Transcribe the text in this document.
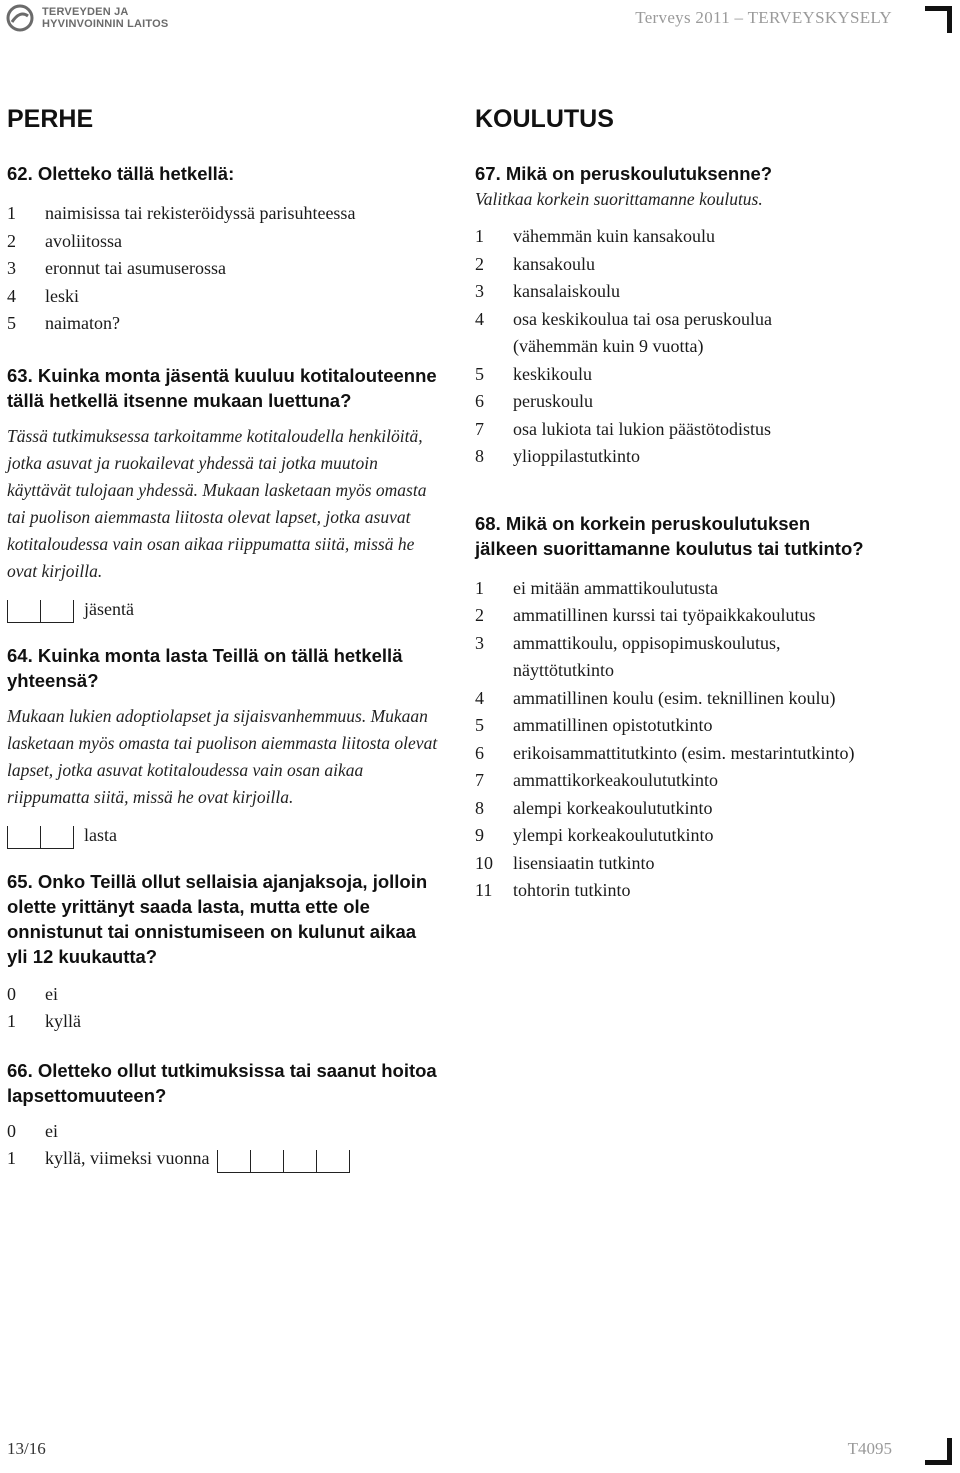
TERVEYDEN JA
HYVINVOINNIN LAITOS	Terveys 2011 – TERVEYSKYSELY
PERHE

62. Oletteko tällä hetkellä:

1	naimisissa tai rekisteröidyssä parisuhteessa
2	avoliitossa
3	eronnut tai asumuserossa
4	leski
5	naimaton?

63. Kuinka monta jäsentä kuuluu kotitalouteenne tällä hetkellä itsenne mukaan luettuna?

Tässä tutkimuksessa tarkoitamme kotitaloudella henkilöitä, jotka asuvat ja ruokailevat yhdessä tai jotka muutoin käyttävät tulojaan yhdessä. Mukaan lasketaan myös omasta tai puolison aiemmasta liitosta olevat lapset, jotka asuvat kotitaloudessa vain osan aikaa riippumatta siitä, missä he ovat kirjoilla.

jäsentä

64. Kuinka monta lasta Teillä on tällä hetkellä yhteensä?

Mukaan lukien adoptiolapset ja sijaisvanhemmuus. Mukaan lasketaan myös omasta tai puolison aiemmasta liitosta olevat lapset, jotka asuvat kotitaloudessa vain osan aikaa riippumatta siitä, missä he ovat kirjoilla.

lasta

65. Onko Teillä ollut sellaisia ajanjaksoja, jolloin olette yrittänyt saada lasta, mutta ette ole onnistunut tai onnistumiseen on kulunut aikaa yli 12 kuukautta?

0	ei
1	kyllä

66. Oletteko ollut tutkimuksissa tai saanut hoitoa lapsettomuuteen?

0	ei
1	kyllä, viimeksi vuonna
KOULUTUS

67. Mikä on peruskoulutuksenne?

Valitkaa korkein suorittamanne koulutus.

1	vähemmän kuin kansakoulu
2	kansakoulu
3	kansalaiskoulu
4	osa keskikoulua tai osa peruskoulua (vähemmän kuin 9 vuotta)
5	keskikoulu
6	peruskoulu
7	osa lukiota tai lukion päästötodistus
8	ylioppilastutkinto

68. Mikä on korkein peruskoulutuksen jälkeen suorittamanne koulutus tai tutkinto?

1	ei mitään ammattikoulutusta
2	ammatillinen kurssi tai työpaikkakoulutus
3	ammattikoulu, oppisopimuskoulutus, näyttötutkinto
4	ammatillinen koulu (esim. teknillinen koulu)
5	ammatillinen opistotutkinto
6	erikoisammattitutkinto (esim. mestarintutkinto)
7	ammattikorkeakoulututkinto
8	alempi korkeakoulututkinto
9	ylempi korkeakoulututkinto
10	lisensiaatin tutkinto
11	tohtorin tutkinto
13/16	T4095
